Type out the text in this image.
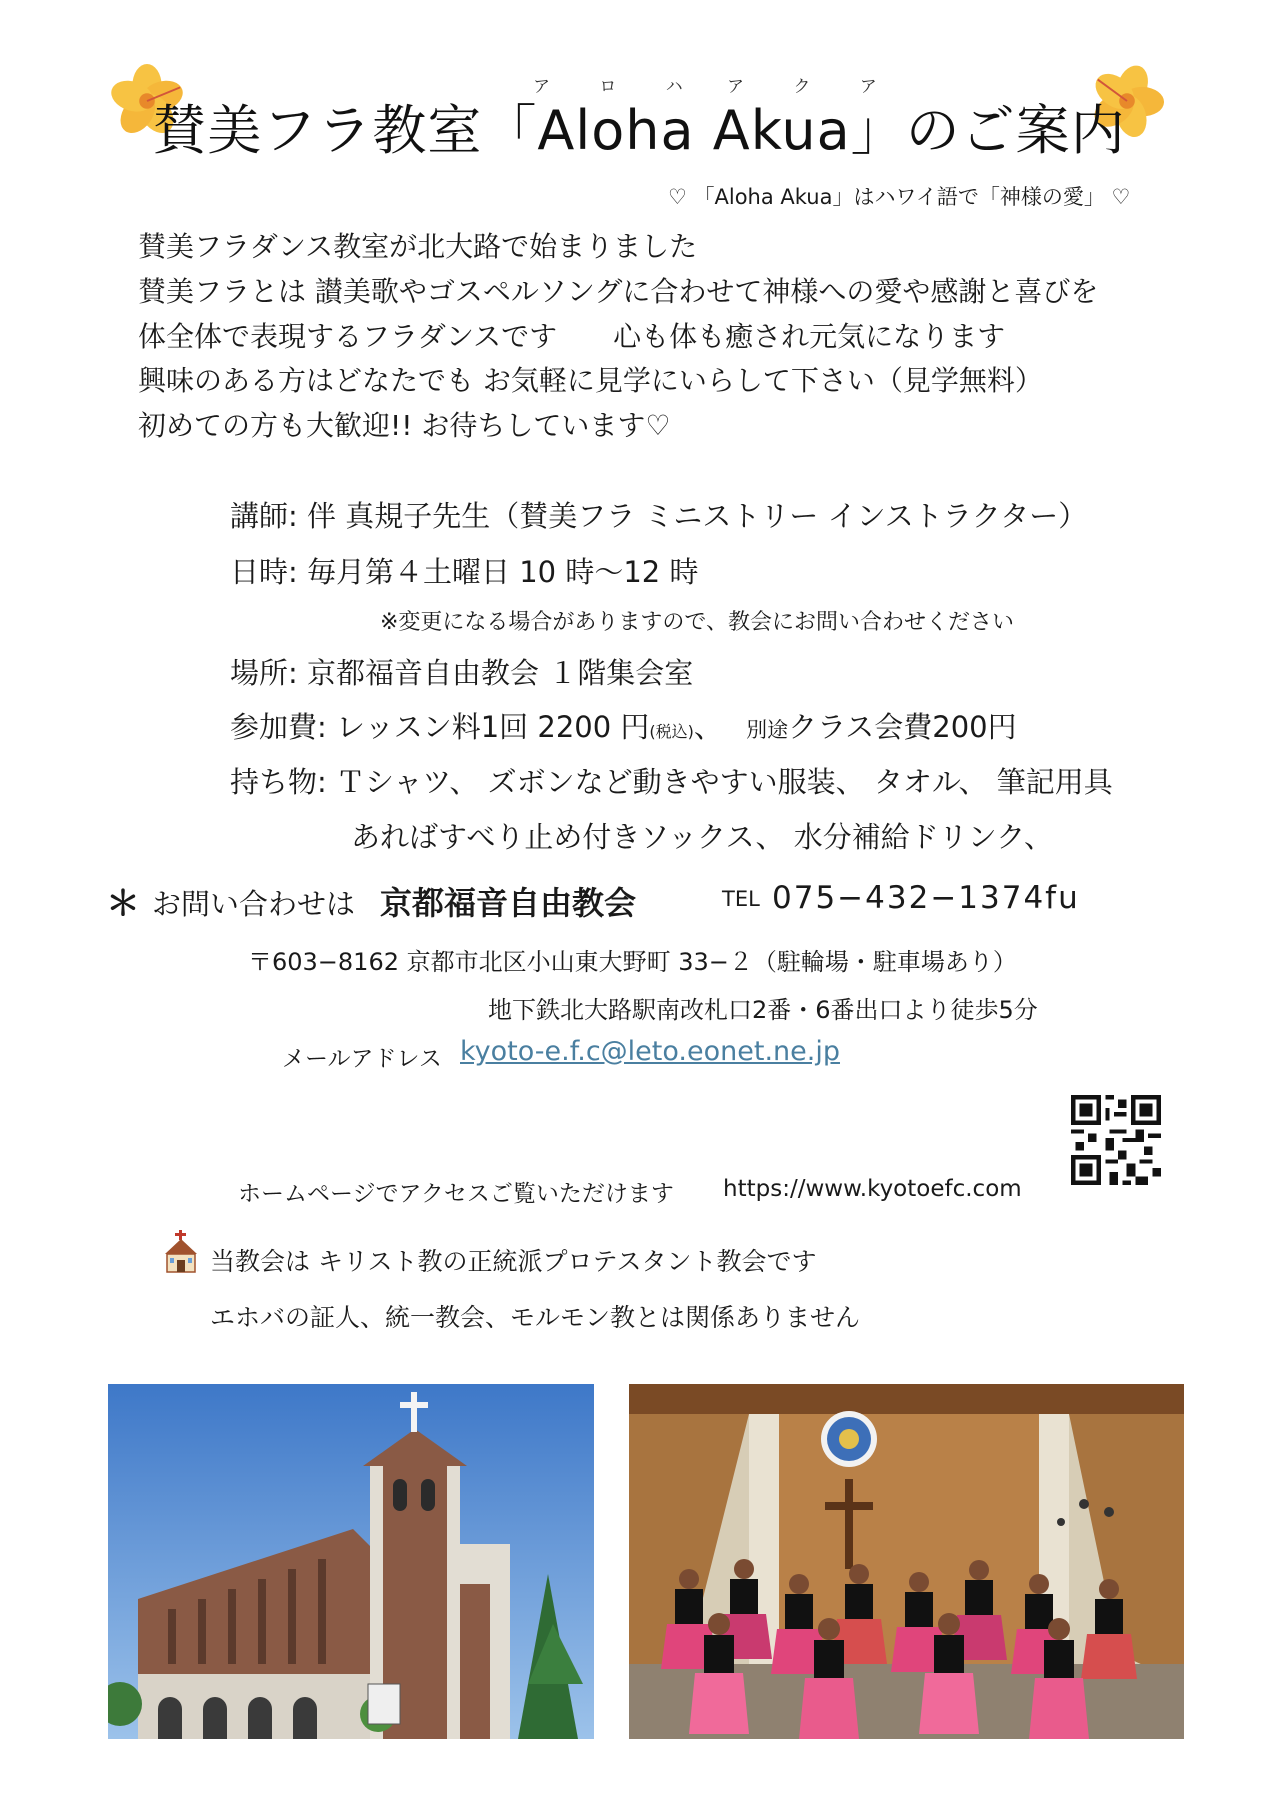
ア ロ ハ ア ク ア
賛美フラ教室「Aloha Akua」のご案内
♡ 「Aloha Akua」はハワイ語で「神様の愛」 ♡
賛美フラダンス教室が北大路で始まりました
賛美フラとは 讃美歌やゴスペルソングに合わせて神様への愛や感謝と喜びを
体全体で表現するフラダンスです　　心も体も癒され元気になります
興味のある方はどなたでも お気軽に見学にいらして下さい（見学無料）
初めての方も大歓迎!! お待ちしています♡
講師: 伴 真規子先生（賛美フラ ミニストリー インストラクター）
日時: 毎月第４土曜日 10 時～12 時
※変更になる場合がありますので、教会にお問い合わせください
場所: 京都福音自由教会 １階集会室
参加費: レッスン料1回 2200 円(税込)、 別途クラス会費200円
持ち物: Ｔシャツ、 ズボンなど動きやすい服装、 タオル、 筆記用具
あればすべり止め付きソックス、 水分補給ドリンク、
＊ お問い合わせは 京都福音自由教会	TEL 075−432−1374fu
〒603−8162 京都市北区小山東大野町 33−２（駐輪場・駐車場あり）
地下鉄北大路駅南改札口2番・6番出口より徒歩5分
メールアドレス kyoto-e.f.c@leto.eonet.ne.jp
ホームページでアクセスご覧いただけます https://www.kyotoefc.com
当教会は キリスト教の正統派プロテスタント教会です
エホバの証人、統一教会、モルモン教とは関係ありません
